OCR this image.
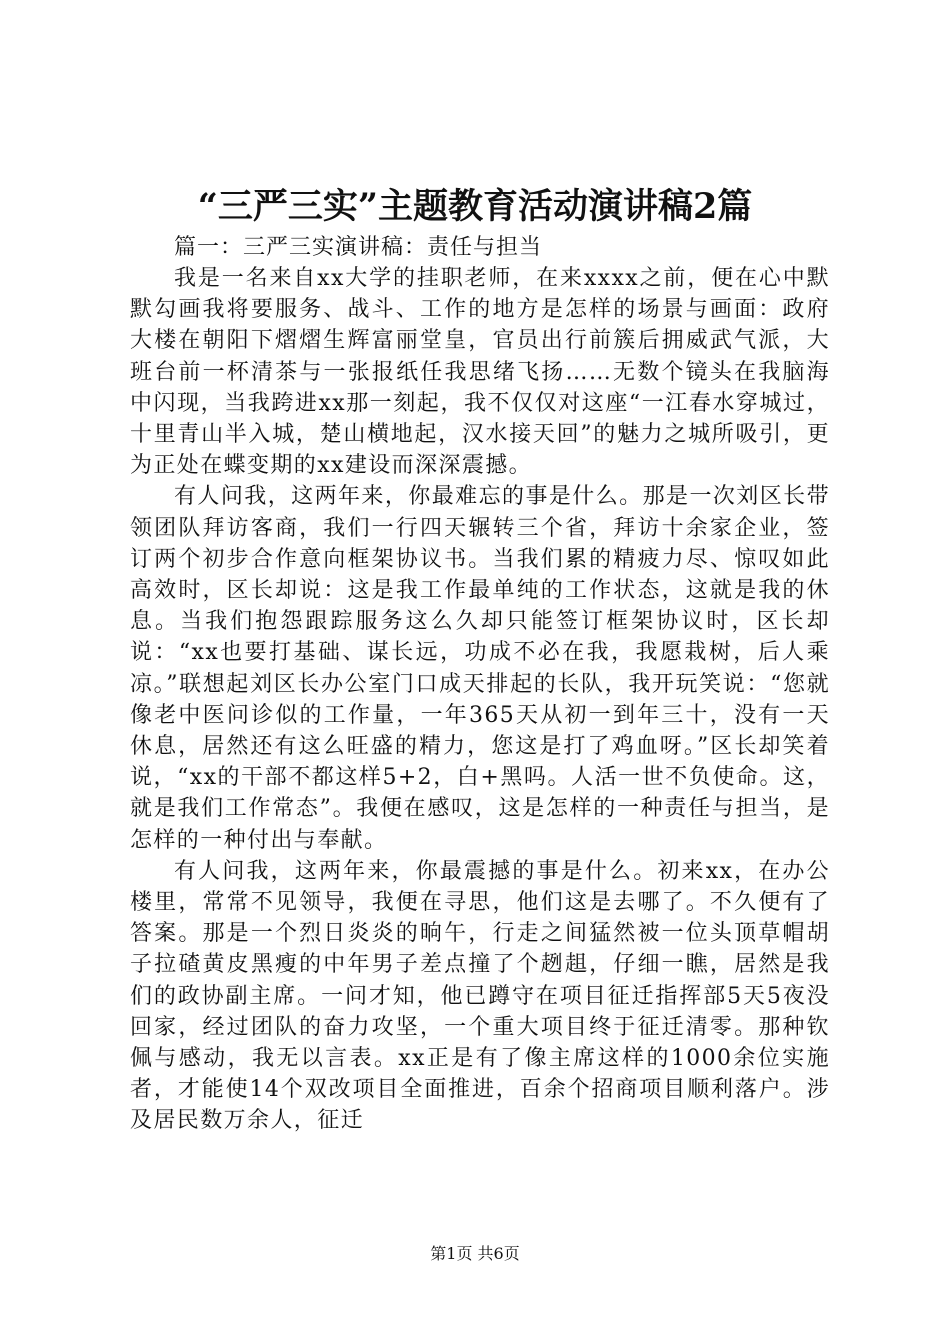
“三严三实”主题教育活动演讲稿2篇

篇一：三严三实演讲稿：责任与担当

我是一名来自xx大学的挂职老师，在来xxxx之前，便在心中默默勾画我将要服务、战斗、工作的地方是怎样的场景与画面：政府大楼在朝阳下熠熠生辉富丽堂皇，官员出行前簇后拥威武气派，大班台前一杯清茶与一张报纸任我思绪飞扬……无数个镜头在我脑海中闪现，当我跨进xx那一刻起，我不仅仅对这座“一江春水穿城过，十里青山半入城，楚山横地起，汉水接天回”的魅力之城所吸引，更为正处在蝶变期的xx建设而深深震撼。

有人问我，这两年来，你最难忘的事是什么。那是一次刘区长带领团队拜访客商，我们一行四天辗转三个省，拜访十余家企业，签订两个初步合作意向框架协议书。当我们累的精疲力尽、惊叹如此高效时，区长却说：这是我工作最单纯的工作状态，这就是我的休息。当我们抱怨跟踪服务这么久却只能签订框架协议时，区长却说：“xx也要打基础、谋长远，功成不必在我，我愿栽树，后人乘凉。”联想起刘区长办公室门口成天排起的长队，我开玩笑说：“您就像老中医问诊似的工作量，一年365天从初一到年三十，没有一天休息，居然还有这么旺盛的精力，您这是打了鸡血呀。”区长却笑着说，“xx的干部不都这样5+2，白+黑吗。人活一世不负使命。这，就是我们工作常态”。我便在感叹，这是怎样的一种责任与担当，是怎样的一种付出与奉献。

有人问我，这两年来，你最震撼的事是什么。初来xx，在办公楼里，常常不见领导，我便在寻思，他们这是去哪了。不久便有了答案。那是一个烈日炎炎的晌午，行走之间猛然被一位头顶草帽胡子拉碴黄皮黑瘦的中年男子差点撞了个趔趄，仔细一瞧，居然是我们的政协副主席。一问才知，他已蹲守在项目征迁指挥部5天5夜没回家，经过团队的奋力攻坚，一个重大项目终于征迁清零。那种钦佩与感动，我无以言表。xx正是有了像主席这样的1000余位实施者，才能使14个双改项目全面推进，百余个招商项目顺利落户。涉及居民数万余人，征迁

第1页 共6页
